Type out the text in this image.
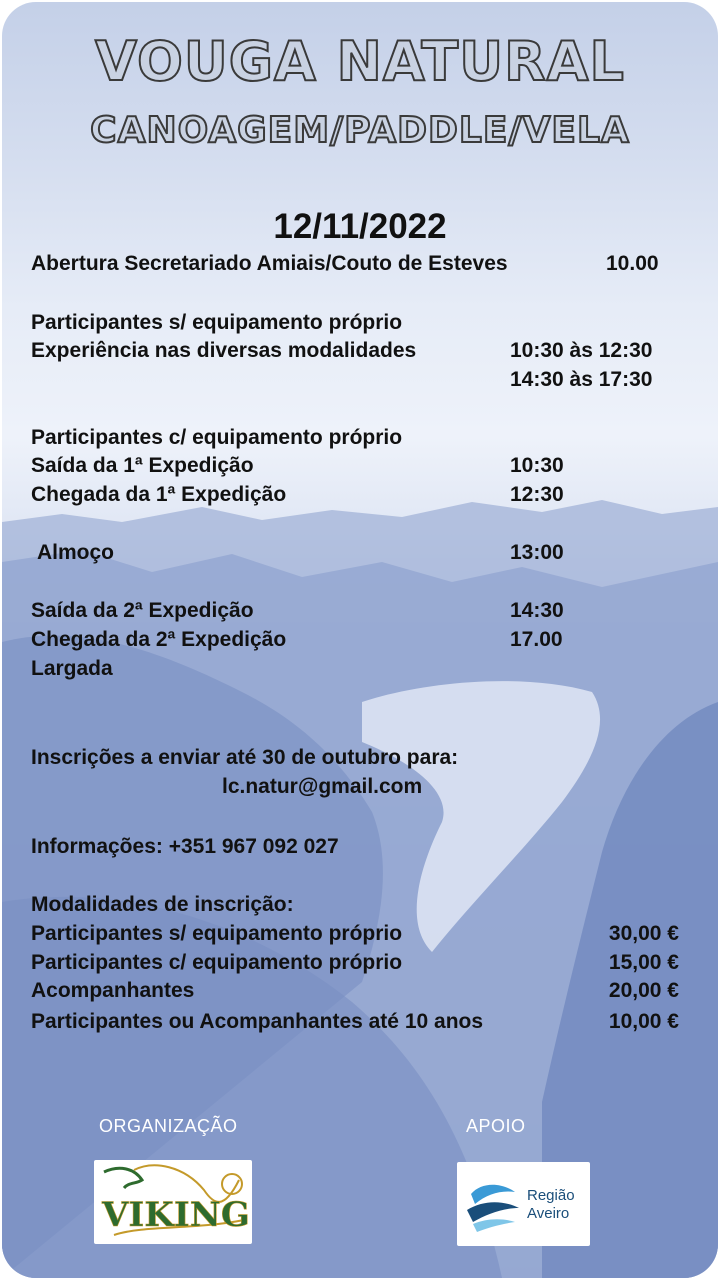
VOUGA NATURAL
CANOAGEM/PADDLE/VELA
12/11/2022
Abertura Secretariado Amiais/Couto de Esteves	10.00
Participantes s/ equipamento próprio
Experiência nas diversas modalidades	10:30 às 12:30
14:30 às 17:30
Participantes c/ equipamento próprio
Saída da 1ª Expedição	10:30
Chegada da 1ª Expedição	12:30
Almoço	13:00
Saída da 2ª Expedição	14:30
Chegada da 2ª Expedição	17.00
Largada
Inscrições a enviar até 30 de outubro para:
lc.natur@gmail.com
Informações: +351 967 092 027
Modalidades de inscrição:
Participantes s/ equipamento próprio	30,00 €
Participantes c/ equipamento próprio	15,00 €
Acompanhantes	20,00 €
Participantes ou Acompanhantes até 10 anos	10,00 €
ORGANIZAÇÃO	APOIO
VIKING	Região
Aveiro
